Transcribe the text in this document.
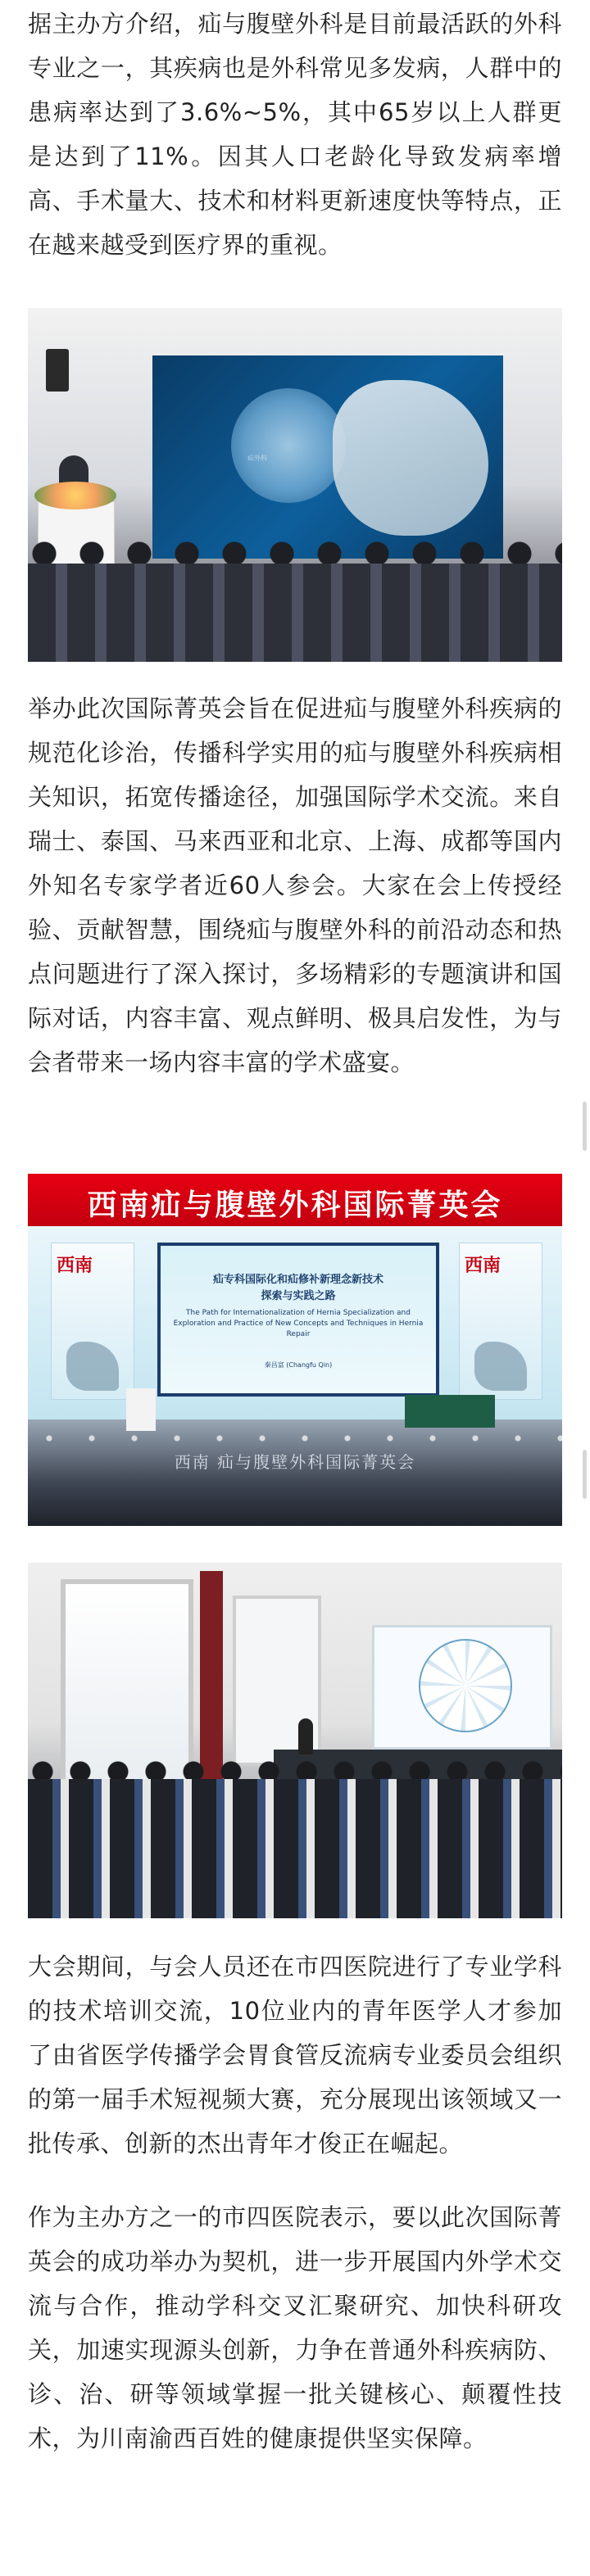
据主办方介绍，疝与腹壁外科是目前最活跃的外科专业之一，其疾病也是外科常见多发病，人群中的患病率达到了3.6%~5%，其中65岁以上人群更是达到了11%。因其人口老龄化导致发病率增高、手术量大、技术和材料更新速度快等特点，正在越来越受到医疗界的重视。

疝外科

举办此次国际菁英会旨在促进疝与腹壁外科疾病的规范化诊治，传播科学实用的疝与腹壁外科疾病相关知识，拓宽传播途径，加强国际学术交流。来自瑞士、泰国、马来西亚和北京、上海、成都等国内外知名专家学者近60人参会。大家在会上传授经验、贡献智慧，围绕疝与腹壁外科的前沿动态和热点问题进行了深入探讨，多场精彩的专题演讲和国际对话，内容丰富、观点鲜明、极具启发性，为与会者带来一场内容丰富的学术盛宴。

西南疝与腹壁外科国际菁英会
西南	西南
疝专科国际化和疝修补新理念新技术
探索与实践之路
The Path for Internationalization of Hernia Specialization and Exploration and Practice of New Concepts and Techniques in Hernia Repair
秦昌富 (Changfu Qin)
西南 疝与腹壁外科国际菁英会

大会期间，与会人员还在市四医院进行了专业学科的技术培训交流，10位业内的青年医学人才参加了由省医学传播学会胃食管反流病专业委员会组织的第一届手术短视频大赛，充分展现出该领域又一批传承、创新的杰出青年才俊正在崛起。

作为主办方之一的市四医院表示，要以此次国际菁英会的成功举办为契机，进一步开展国内外学术交流与合作，推动学科交叉汇聚研究、加快科研攻关，加速实现源头创新，力争在普通外科疾病防、诊、治、研等领域掌握一批关键核心、颠覆性技术，为川南渝西百姓的健康提供坚实保障。
